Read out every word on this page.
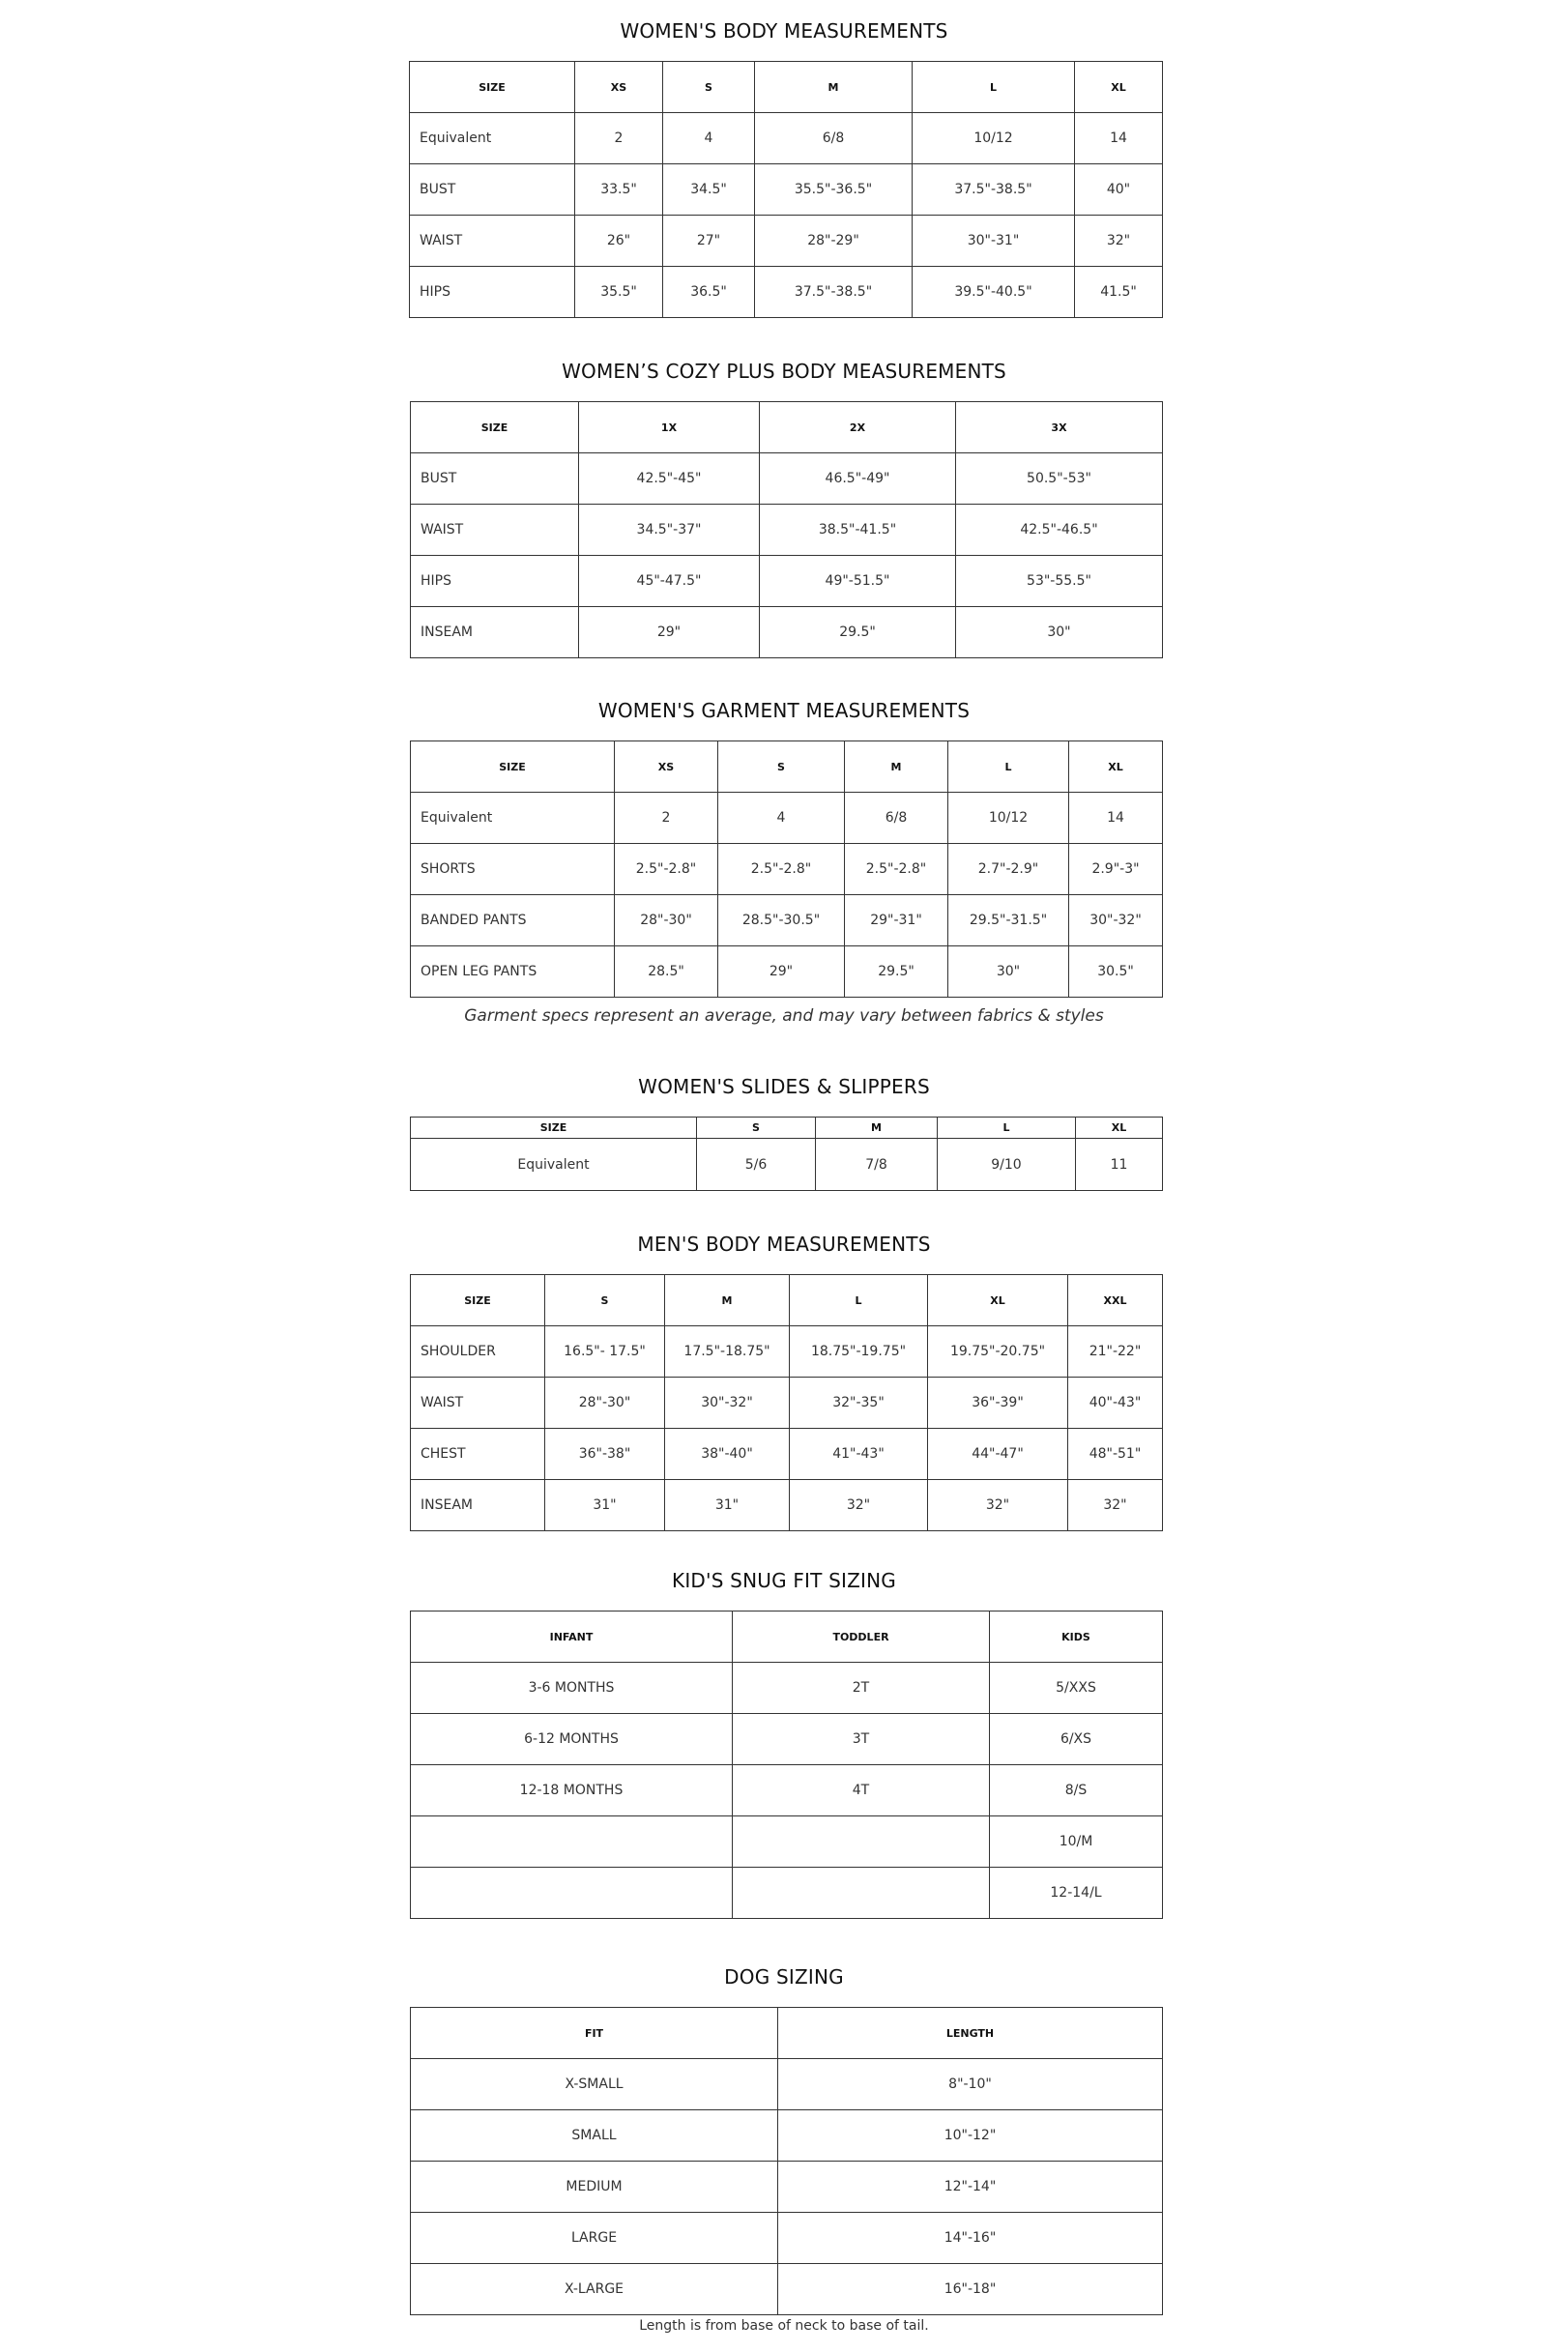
WOMEN'S BODY MEASUREMENTS
SIZE	XS	S	M	L	XL
Equivalent	2	4	6/8	10/12	14
BUST	33.5"	34.5"	35.5"-36.5"	37.5"-38.5"	40"
WAIST	26"	27"	28"-29"	30"-31"	32"
HIPS	35.5"	36.5"	37.5"-38.5"	39.5"-40.5"	41.5"
WOMEN’S COZY PLUS BODY MEASUREMENTS
SIZE	1X	2X	3X
BUST	42.5"-45"	46.5"-49"	50.5"-53"
WAIST	34.5"-37"	38.5"-41.5"	42.5"-46.5"
HIPS	45"-47.5"	49"-51.5"	53"-55.5"
INSEAM	29"	29.5"	30"
WOMEN'S GARMENT MEASUREMENTS
SIZE	XS	S	M	L	XL
Equivalent	2	4	6/8	10/12	14
SHORTS	2.5"-2.8"	2.5"-2.8"	2.5"-2.8"	2.7"-2.9"	2.9"-3"
BANDED PANTS	28"-30"	28.5"-30.5"	29"-31"	29.5"-31.5"	30"-32"
OPEN LEG PANTS	28.5"	29"	29.5"	30"	30.5"

Garment specs represent an average, and may vary between fabrics & styles

WOMEN'S SLIDES & SLIPPERS
SIZE	S	M	L	XL
Equivalent	5/6	7/8	9/10	11
MEN'S BODY MEASUREMENTS
SIZE	S	M	L	XL	XXL
SHOULDER	16.5"- 17.5"	17.5"-18.75"	18.75"-19.75"	19.75"-20.75"	21"-22"
WAIST	28"-30"	30"-32"	32"-35"	36"-39"	40"-43"
CHEST	36"-38"	38"-40"	41"-43"	44"-47"	48"-51"
INSEAM	31"	31"	32"	32"	32"
KID'S SNUG FIT SIZING
INFANT	TODDLER	KIDS
3-6 MONTHS	2T	5/XXS
6-12 MONTHS	3T	6/XS
12-18 MONTHS	4T	8/S
		10/M
		12-14/L
DOG SIZING
FIT	LENGTH
X-SMALL	8"-10"
SMALL	10"-12"
MEDIUM	12"-14"
LARGE	14"-16"
X-LARGE	16"-18"

Length is from base of neck to base of tail.
